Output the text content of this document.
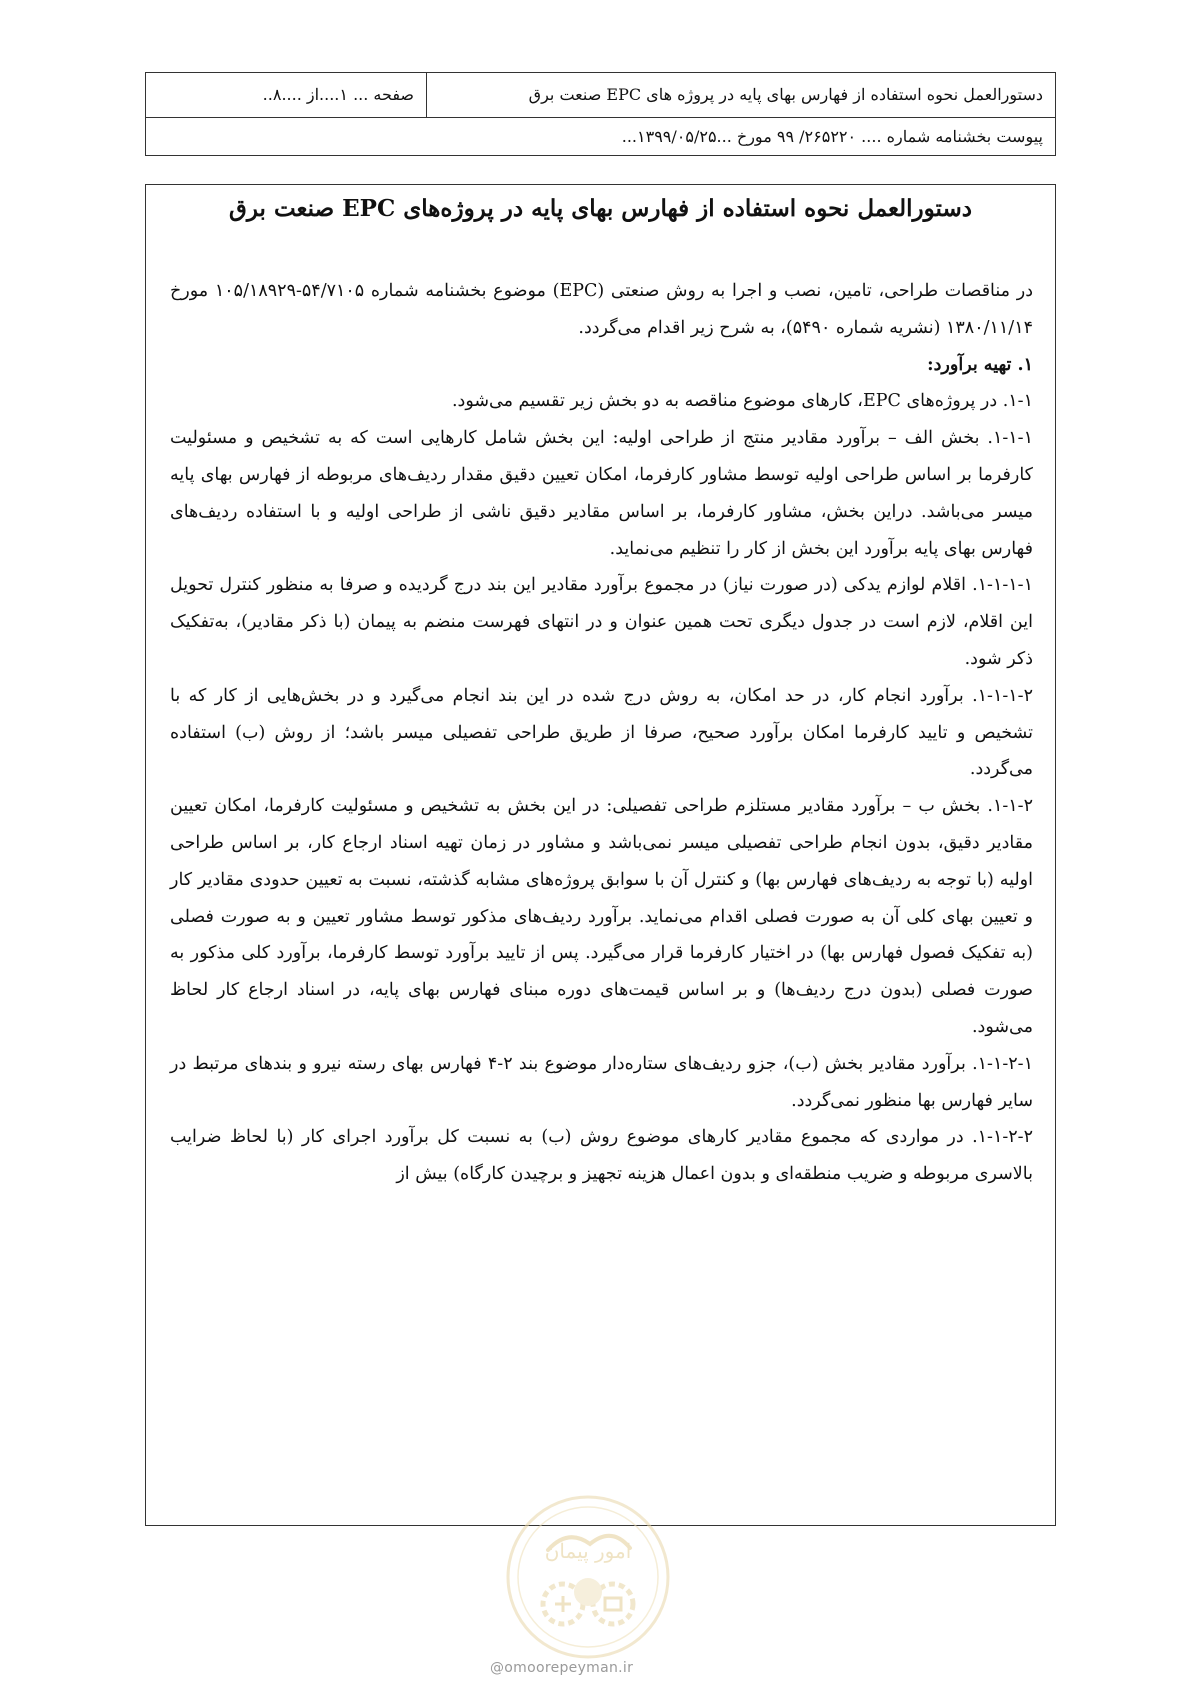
دستورالعمل نحوه استفاده از فهارس بهای پایه در پروژه های EPC صنعت برق
صفحه ... ۱....از ....۸..
پیوست بخشنامه شماره .... ۲۶۵۲۲۰/ ۹۹ مورخ ...۱۳۹۹/۰۵/۲۵...
دستورالعمل نحوه استفاده از فهارس بهای پایه در پروژه‌های EPC صنعت برق

در مناقصات طراحی، تامین، نصب و اجرا به روش صنعتی (EPC) موضوع بخشنامه شماره ۵۴/۷۱۰۵-۱۰۵/۱۸۹۲۹ مورخ ۱۳۸۰/۱۱/۱۴ (نشریه شماره ۵۴۹۰)، به شرح زیر اقدام می‌گردد.

۱. تهیه برآورد:

۱-۱. در پروژه‌های EPC، کارهای موضوع مناقصه به دو بخش زیر تقسیم می‌شود.

۱-۱-۱. بخش الف – برآورد مقادیر منتج از طراحی اولیه: این بخش شامل کارهایی است که به تشخیص و مسئولیت کارفرما بر اساس طراحی اولیه توسط مشاور کارفرما، امکان تعیین دقیق مقدار ردیف‌های مربوطه از فهارس بهای پایه میسر می‌باشد. دراین بخش، مشاور کارفرما، بر اساس مقادیر دقیق ناشی از طراحی اولیه و با استفاده ردیف‌های فهارس بهای پایه برآورد این بخش از کار را تنظیم می‌نماید.

۱-۱-۱-۱. اقلام لوازم یدکی (در صورت نیاز) در مجموع برآورد مقادیر این بند درج گردیده و صرفا به منظور کنترل تحویل این اقلام، لازم است در جدول دیگری تحت همین عنوان و در انتهای فهرست منضم به پیمان (با ذکر مقادیر)، به‌تفکیک ذکر شود.

۱-۱-۱-۲. برآورد انجام کار، در حد امکان، به روش درج شده در این بند انجام می‌گیرد و در بخش‌هایی از کار که با تشخیص و تایید کارفرما امکان برآورد صحیح، صرفا از طریق طراحی تفصیلی میسر باشد؛ از روش (ب) استفاده می‌گردد.

۱-۱-۲. بخش ب – برآورد مقادیر مستلزم طراحی تفصیلی: در این بخش به تشخیص و مسئولیت کارفرما، امکان تعیین مقادیر دقیق، بدون انجام طراحی تفصیلی میسر نمی‌باشد و مشاور در زمان تهیه اسناد ارجاع کار، بر اساس طراحی اولیه (با توجه به ردیف‌های فهارس بها) و کنترل آن با سوابق پروژه‌های مشابه گذشته، نسبت به تعیین حدودی مقادیر کار و تعیین بهای کلی آن به صورت فصلی اقدام می‌نماید. برآورد ردیف‌های مذکور توسط مشاور تعیین و به صورت فصلی (به تفکیک فصول فهارس بها) در اختیار کارفرما قرار می‌گیرد. پس از تایید برآورد توسط کارفرما، برآورد کلی مذکور به صورت فصلی (بدون درج ردیف‌ها) و بر اساس قیمت‌های دوره مبنای فهارس بهای پایه، در اسناد ارجاع کار لحاظ می‌شود.

۱-۱-۲-۱. برآورد مقادیر بخش (ب)، جزو ردیف‌های ستاره‌دار موضوع بند ۲-۴ فهارس بهای رسته نیرو و بندهای مرتبط در سایر فهارس بها منظور نمی‌گردد.

۱-۱-۲-۲. در مواردی که مجموع مقادیر کارهای موضوع روش (ب) به نسبت کل برآورد اجرای کار (با لحاظ ضرایب بالاسری مربوطه و ضریب منطقه‌ای و بدون اعمال هزینه تجهیز و برچیدن کارگاه) بیش از

امور پیمان
@omoorepeyman.ir
